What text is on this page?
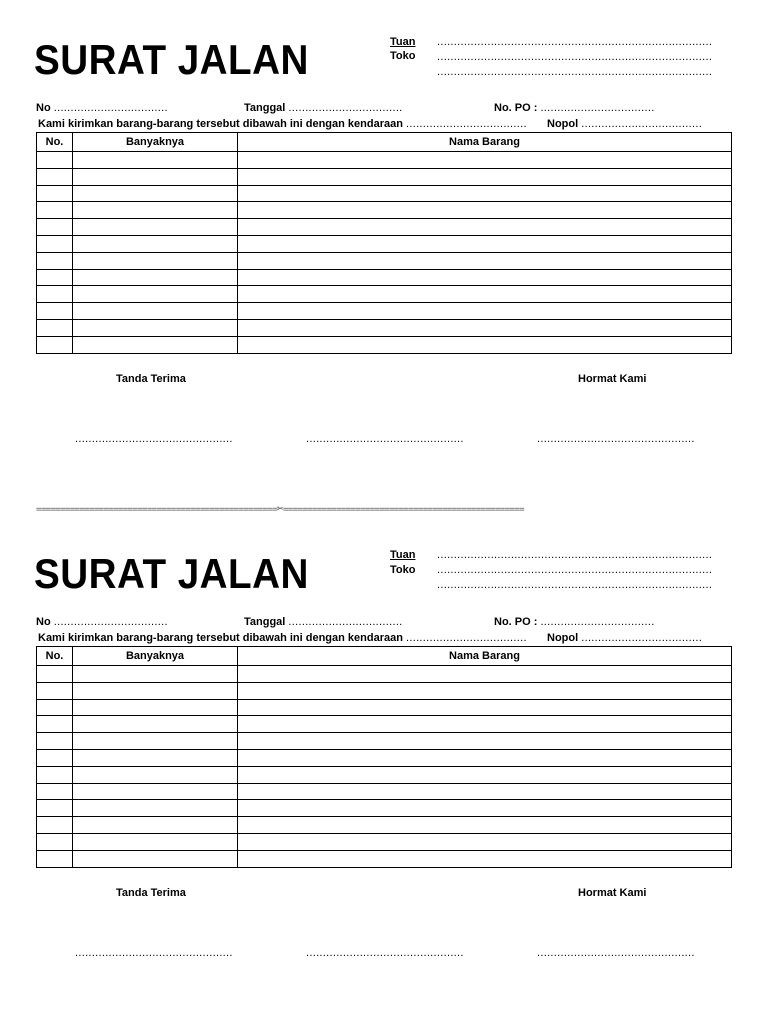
SURAT JALAN	Tuan
Toko
..................................................................................
..................................................................................
..................................................................................
No ..................................	Tanggal ..................................	No. PO : ..................................
Kami kirimkan barang-barang tersebut dibawah ini dengan kendaraan .................................... Nopol ....................................
No.	Banyaknya	Nama Barang

Tanda Terima	Hormat Kami
...............................................	...............................................	...............................................
==================================================✂==================================================
SURAT JALAN	Tuan
Toko
..................................................................................
..................................................................................
..................................................................................
No ..................................	Tanggal ..................................	No. PO : ..................................
Kami kirimkan barang-barang tersebut dibawah ini dengan kendaraan .................................... Nopol ....................................
No.	Banyaknya	Nama Barang

Tanda Terima	Hormat Kami
...............................................	...............................................	...............................................
